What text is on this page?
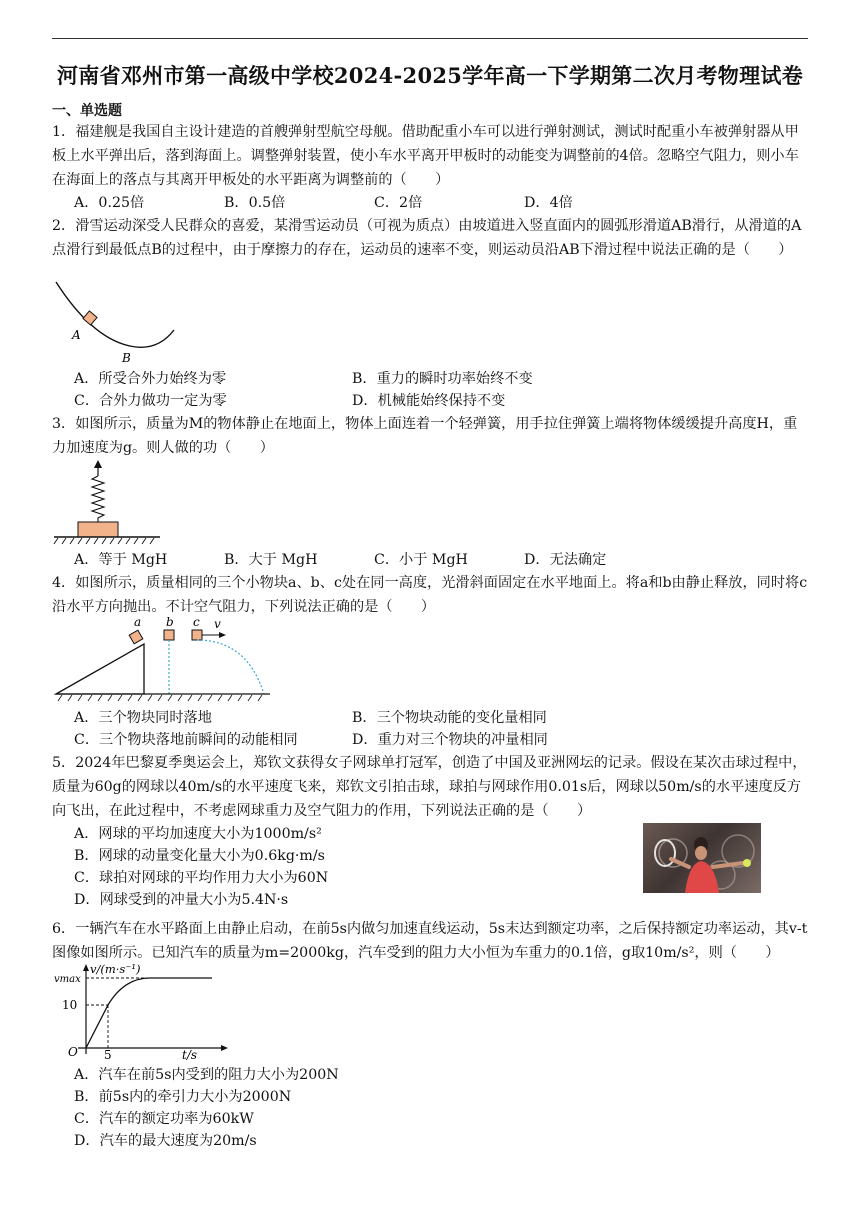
河南省邓州市第一高级中学校2024-2025学年高一下学期第二次月考物理试卷
一、单选题

1．福建舰是我国自主设计建造的首艘弹射型航空母舰。借助配重小车可以进行弹射测试，测试时配重小车被弹射器从甲板上水平弹出后，落到海面上。调整弹射装置，使小车水平离开甲板时的动能变为调整前的4倍。忽略空气阻力，则小车在海面上的落点与其离开甲板处的水平距离为调整前的（　　）

A．0.25倍	B．0.5倍	C．2倍	D．4倍

2．滑雪运动深受人民群众的喜爱，某滑雪运动员（可视为质点）由坡道进入竖直面内的圆弧形滑道AB滑行，从滑道的A点滑行到最低点B的过程中，由于摩擦力的存在，运动员的速率不变，则运动员沿AB下滑过程中说法正确的是（　　）

A
B
A．所受合外力始终为零	B．重力的瞬时功率始终不变
C．合外力做功一定为零	D．机械能始终保持不变

3．如图所示，质量为M的物体静止在地面上，物体上面连着一个轻弹簧，用手拉住弹簧上端将物体缓缓提升高度H，重力加速度为g。则人做的功（　　）

A．等于 MgH	B．大于 MgH	C．小于 MgH	D．无法确定

4．如图所示，质量相同的三个小物块a、b、c处在同一高度，光滑斜面固定在水平地面上。将a和b由静止释放，同时将c沿水平方向抛出。不计空气阻力，下列说法正确的是（　　）

a b c v
A．三个物块同时落地	B．三个物块动能的变化量相同
C．三个物块落地前瞬间的动能相同	D．重力对三个物块的冲量相同

5．2024年巴黎夏季奥运会上，郑钦文获得女子网球单打冠军，创造了中国及亚洲网坛的记录。假设在某次击球过程中，质量为60g的网球以40m/s的水平速度飞来，郑钦文引拍击球，球拍与网球作用0.01s后，网球以50m/s的水平速度反方向飞出，在此过程中，不考虑网球重力及空气阻力的作用，下列说法正确的是（　　）

A．网球的平均加速度大小为1000m/s²
B．网球的动量变化量大小为0.6kg·m/s
C．球拍对网球的平均作用力大小为60N
D．网球受到的冲量大小为5.4N·s

6．一辆汽车在水平路面上由静止启动，在前5s内做匀加速直线运动，5s末达到额定功率，之后保持额定功率运动，其v-t图像如图所示。已知汽车的质量为m=2000kg，汽车受到的阻力大小恒为车重力的0.1倍，g取10m/s²，则（　　）

v/(m·s⁻¹)
vmax
10
O 5	t/s
A．汽车在前5s内受到的阻力大小为200N
B．前5s内的牵引力大小为2000N
C．汽车的额定功率为60kW
D．汽车的最大速度为20m/s
